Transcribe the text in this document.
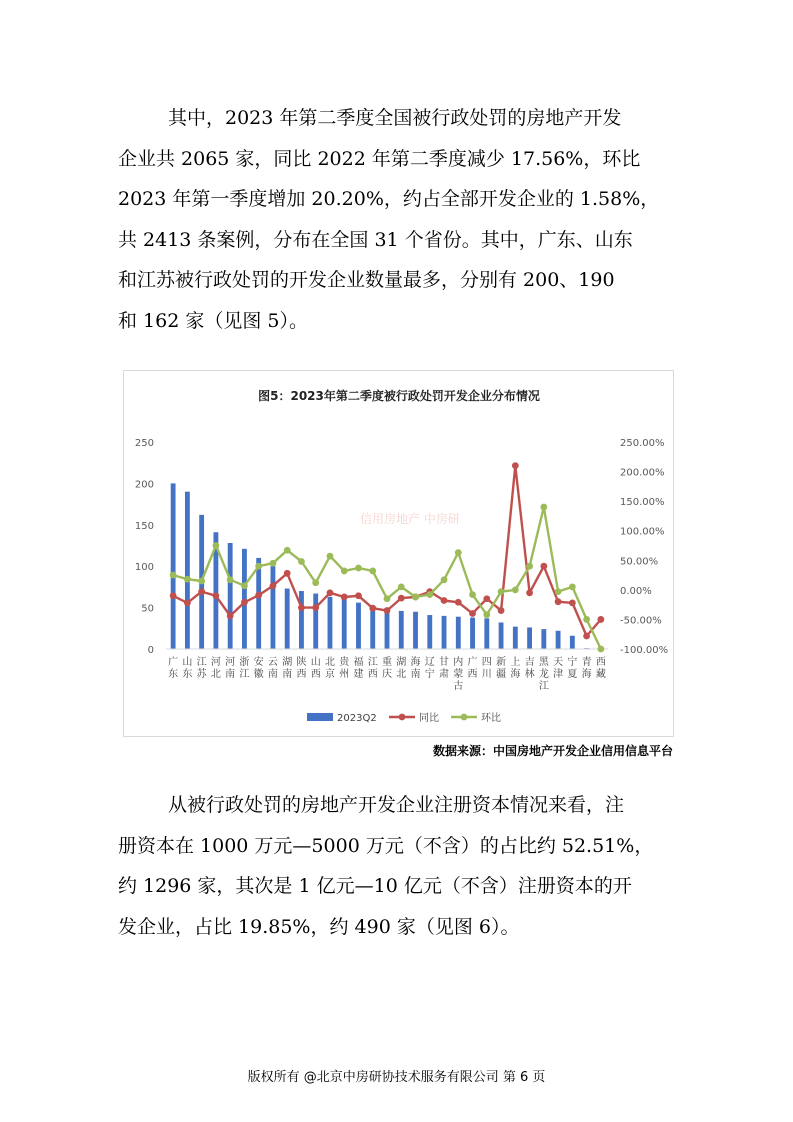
其中，2023 年第二季度全国被行政处罚的房地产开发
企业共 2065 家，同比 2022 年第二季度减少 17.56%，环比
2023 年第一季度增加 20.20%，约占全部开发企业的 1.58%，
共 2413 条案例，分布在全国 31 个省份。其中，广东、山东
和江苏被行政处罚的开发企业数量最多，分别有 200、190
和 162 家（见图 5）。

图5：2023年第二季度被行政处罚开发企业分布情况
0
50
100
150
200
250
-100.00%
-50.00%
0.00%
50.00%
100.00%
150.00%
200.00%
250.00%
广东
山东
江苏
河北
河南
浙江
安徽
云南
湖南
陕西
山西
北京
贵州
福建
江西
重庆
湖北
海南
辽宁
甘肃
内蒙古
广西
四川
新疆
上海
吉林
黑龙江
天津
宁夏
青海
西藏
2023Q2	同比	环比
信用房地产 中房研
数据来源：中国房地产开发企业信用信息平台

从被行政处罚的房地产开发企业注册资本情况来看，注
册资本在 1000 万元—5000 万元（不含）的占比约 52.51%，
约 1296 家，其次是 1 亿元—10 亿元（不含）注册资本的开
发企业，占比 19.85%，约 490 家（见图 6）。

版权所有 @北京中房研协技术服务有限公司 第 6 页
